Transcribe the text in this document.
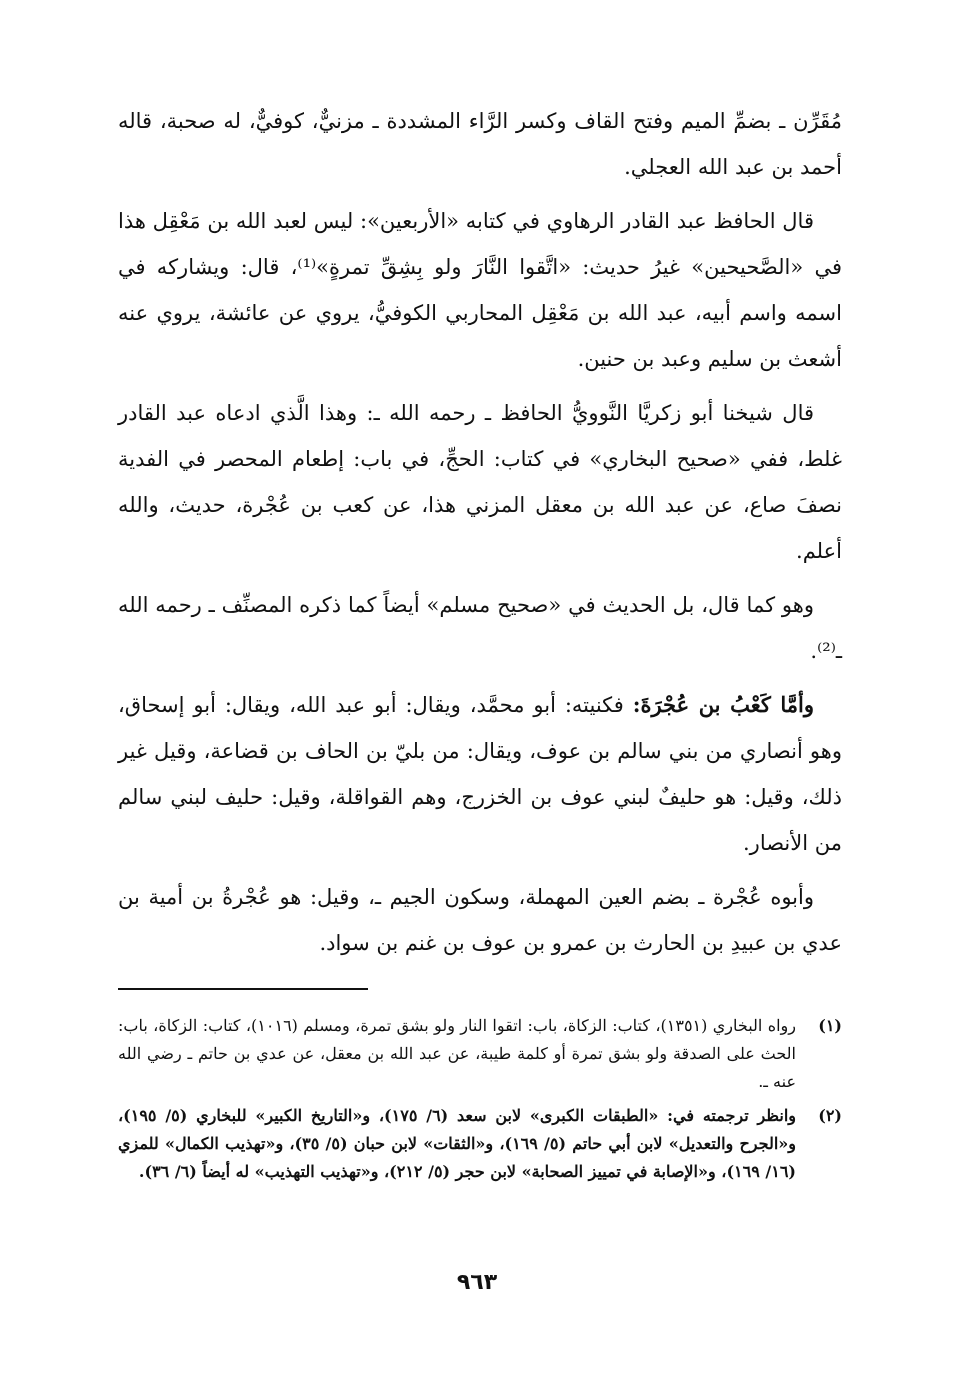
مُقَرِّن ـ بضمِّ الميم وفتح القاف وكسر الرَّاء المشددة ـ مزنيٌّ، كوفيٌّ، له صحبة، قاله أحمد بن عبد الله العجلي.

قال الحافظ عبد القادر الرهاوي في كتابه «الأربعين»: ليس لعبد الله بن مَعْقِل هذا في «الصَّحيحين» غيرُ حديث: «اتَّقوا النَّارَ ولو بِشِقِّ تمرةٍ»⁽¹⁾، قال: ويشاركه في اسمه واسم أبيه، عبد الله بن مَعْقِل المحاربي الكوفيُّ، يروي عن عائشة، يروي عنه أشعث بن سليم وعبد بن حنين.

قال شيخنا أبو زكريَّا النَّوويُّ الحافظ ـ رحمه الله ـ: وهذا الَّذي ادعاه عبد القادر غلط، ففي «صحيح البخاري» في كتاب: الحجِّ، في باب: إطعام المحصر في الفدية نصفَ صاع، عن عبد الله بن معقل المزني هذا، عن كعب بن عُجْرة، حديث، والله أعلم.

وهو كما قال، بل الحديث في «صحيح مسلم» أيضاً كما ذكره المصنِّف ـ رحمه الله ـ⁽²⁾.

وأمَّا كَعْبُ بن عُجْرَةَ: فكنيته: أبو محمَّد، ويقال: أبو عبد الله، ويقال: أبو إسحاق، وهو أنصاري من بني سالم بن عوف، ويقال: من بليّ بن الحاف بن قضاعة، وقيل غير ذلك، وقيل: هو حليفٌ لبني عوف بن الخزرج، وهم القواقلة، وقيل: حليف لبني سالم من الأنصار.

وأبوه عُجْرة ـ بضم العين المهملة، وسكون الجيم ـ، وقيل: هو عُجْرةُ بن أمية بن عدي بن عبيدِ بن الحارث بن عمرو بن عوف بن غنم بن سواد.

(١)
رواه البخاري (١٣٥١)، كتاب: الزكاة، باب: اتقوا النار ولو بشق تمرة، ومسلم (١٠١٦)، كتاب: الزكاة، باب: الحث على الصدقة ولو بشق تمرة أو كلمة طيبة، عن عبد الله بن معقل، عن عدي بن حاتم ـ رضي الله عنه ـ.
(٢)
وانظر ترجمته في: «الطبقات الكبرى» لابن سعد (٦/ ١٧٥)، و«التاريخ الكبير» للبخاري (٥/ ١٩٥)، و«الجرح والتعديل» لابن أبي حاتم (٥/ ١٦٩)، و«الثقات» لابن حبان (٥/ ٣٥)، و«تهذيب الكمال» للمزي (١٦/ ١٦٩)، و«الإصابة في تمييز الصحابة» لابن حجر (٥/ ٢١٢)، و«تهذيب التهذيب» له أيضاً (٦/ ٣٦).
٩٦٣
